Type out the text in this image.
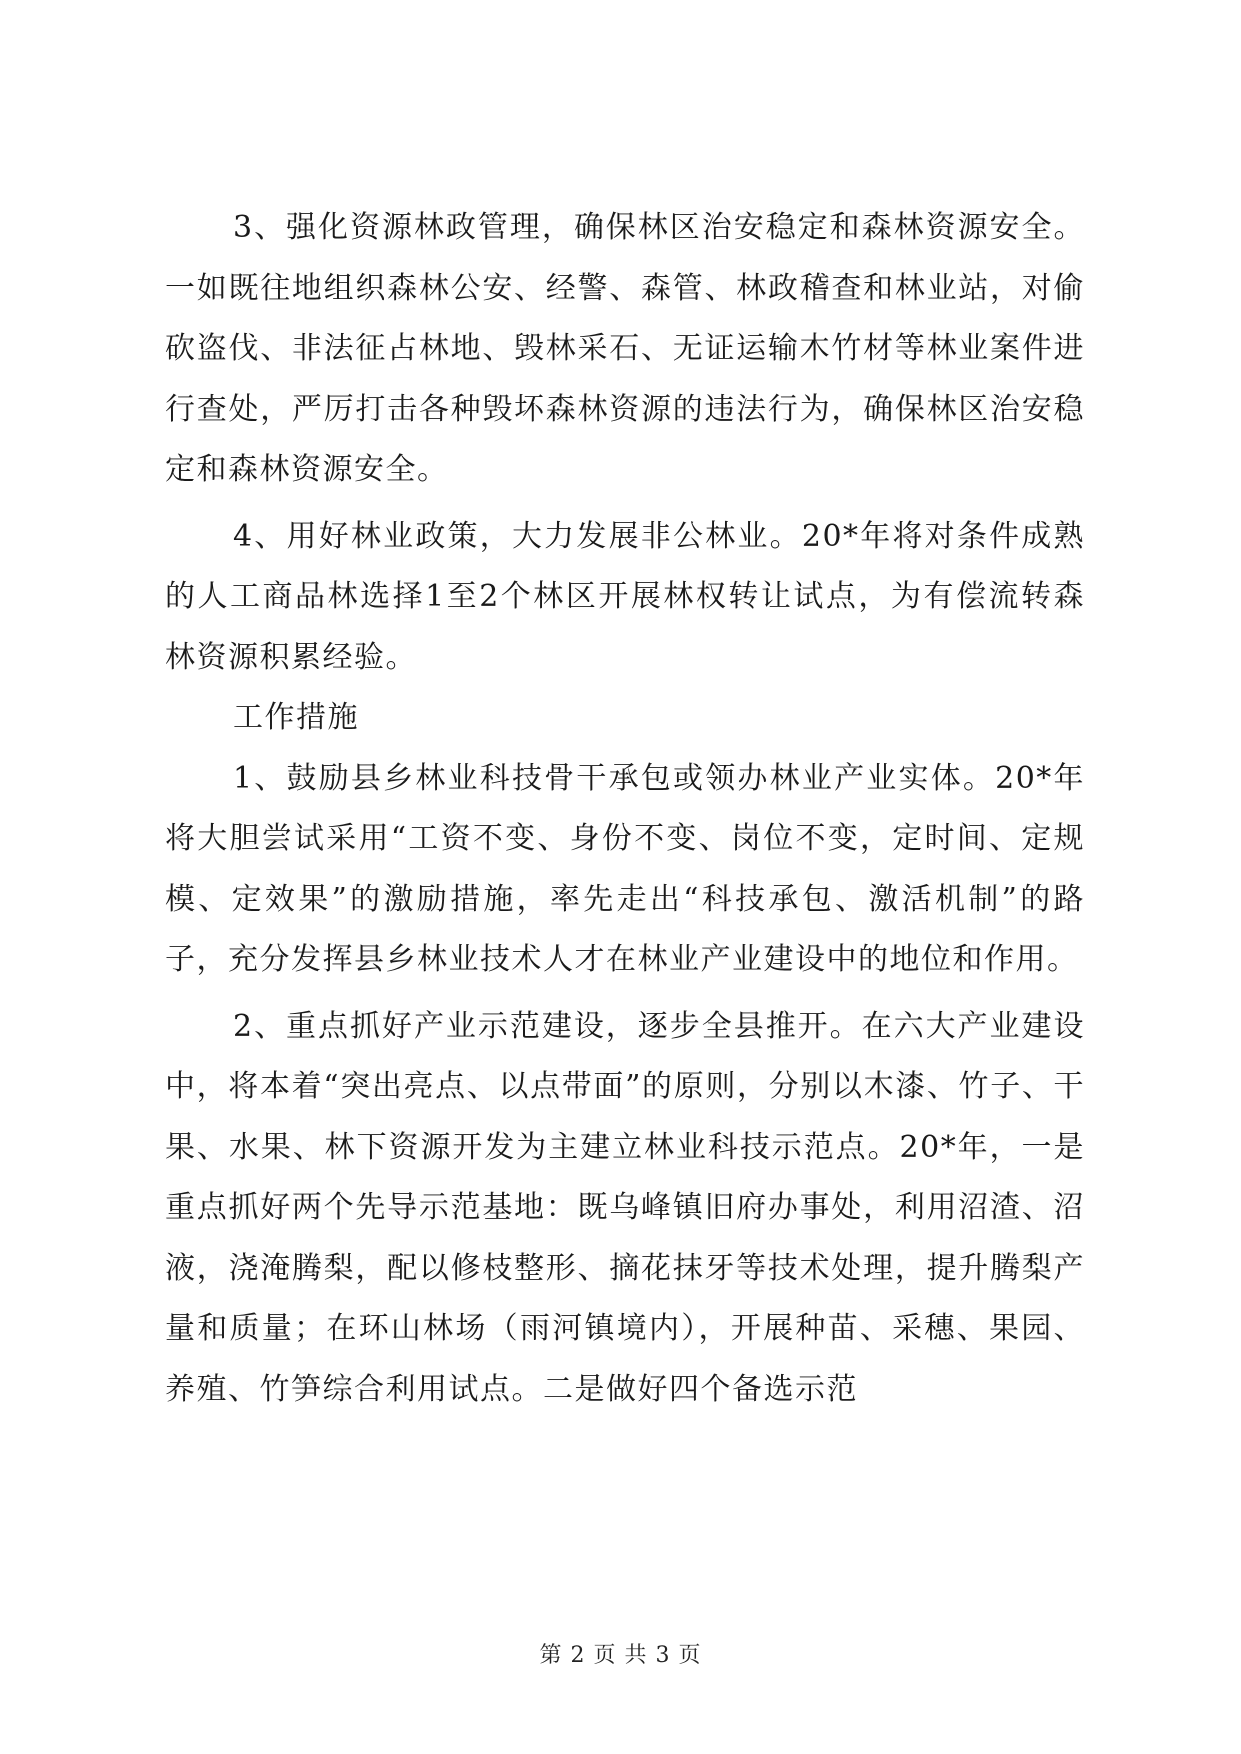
3、强化资源林政管理，确保林区治安稳定和森林资源安全。一如既往地组织森林公安、经警、森管、林政稽查和林业站，对偷砍盗伐、非法征占林地、毁林采石、无证运输木竹材等林业案件进行查处，严厉打击各种毁坏森林资源的违法行为，确保林区治安稳定和森林资源安全。

4、用好林业政策，大力发展非公林业。20*年将对条件成熟的人工商品林选择1至2个林区开展林权转让试点，为有偿流转森林资源积累经验。

工作措施

1、鼓励县乡林业科技骨干承包或领办林业产业实体。20*年将大胆尝试采用“工资不变、身份不变、岗位不变，定时间、定规模、定效果”的激励措施，率先走出“科技承包、激活机制”的路子，充分发挥县乡林业技术人才在林业产业建设中的地位和作用。

2、重点抓好产业示范建设，逐步全县推开。在六大产业建设中，将本着“突出亮点、以点带面”的原则，分别以木漆、竹子、干果、水果、林下资源开发为主建立林业科技示范点。20*年，一是重点抓好两个先导示范基地：既乌峰镇旧府办事处，利用沼渣、沼液，浇淹腾梨，配以修枝整形、摘花抹牙等技术处理，提升腾梨产量和质量；在环山林场（雨河镇境内），开展种苗、采穗、果园、养殖、竹笋综合利用试点。二是做好四个备选示范

第 2 页 共 3 页
